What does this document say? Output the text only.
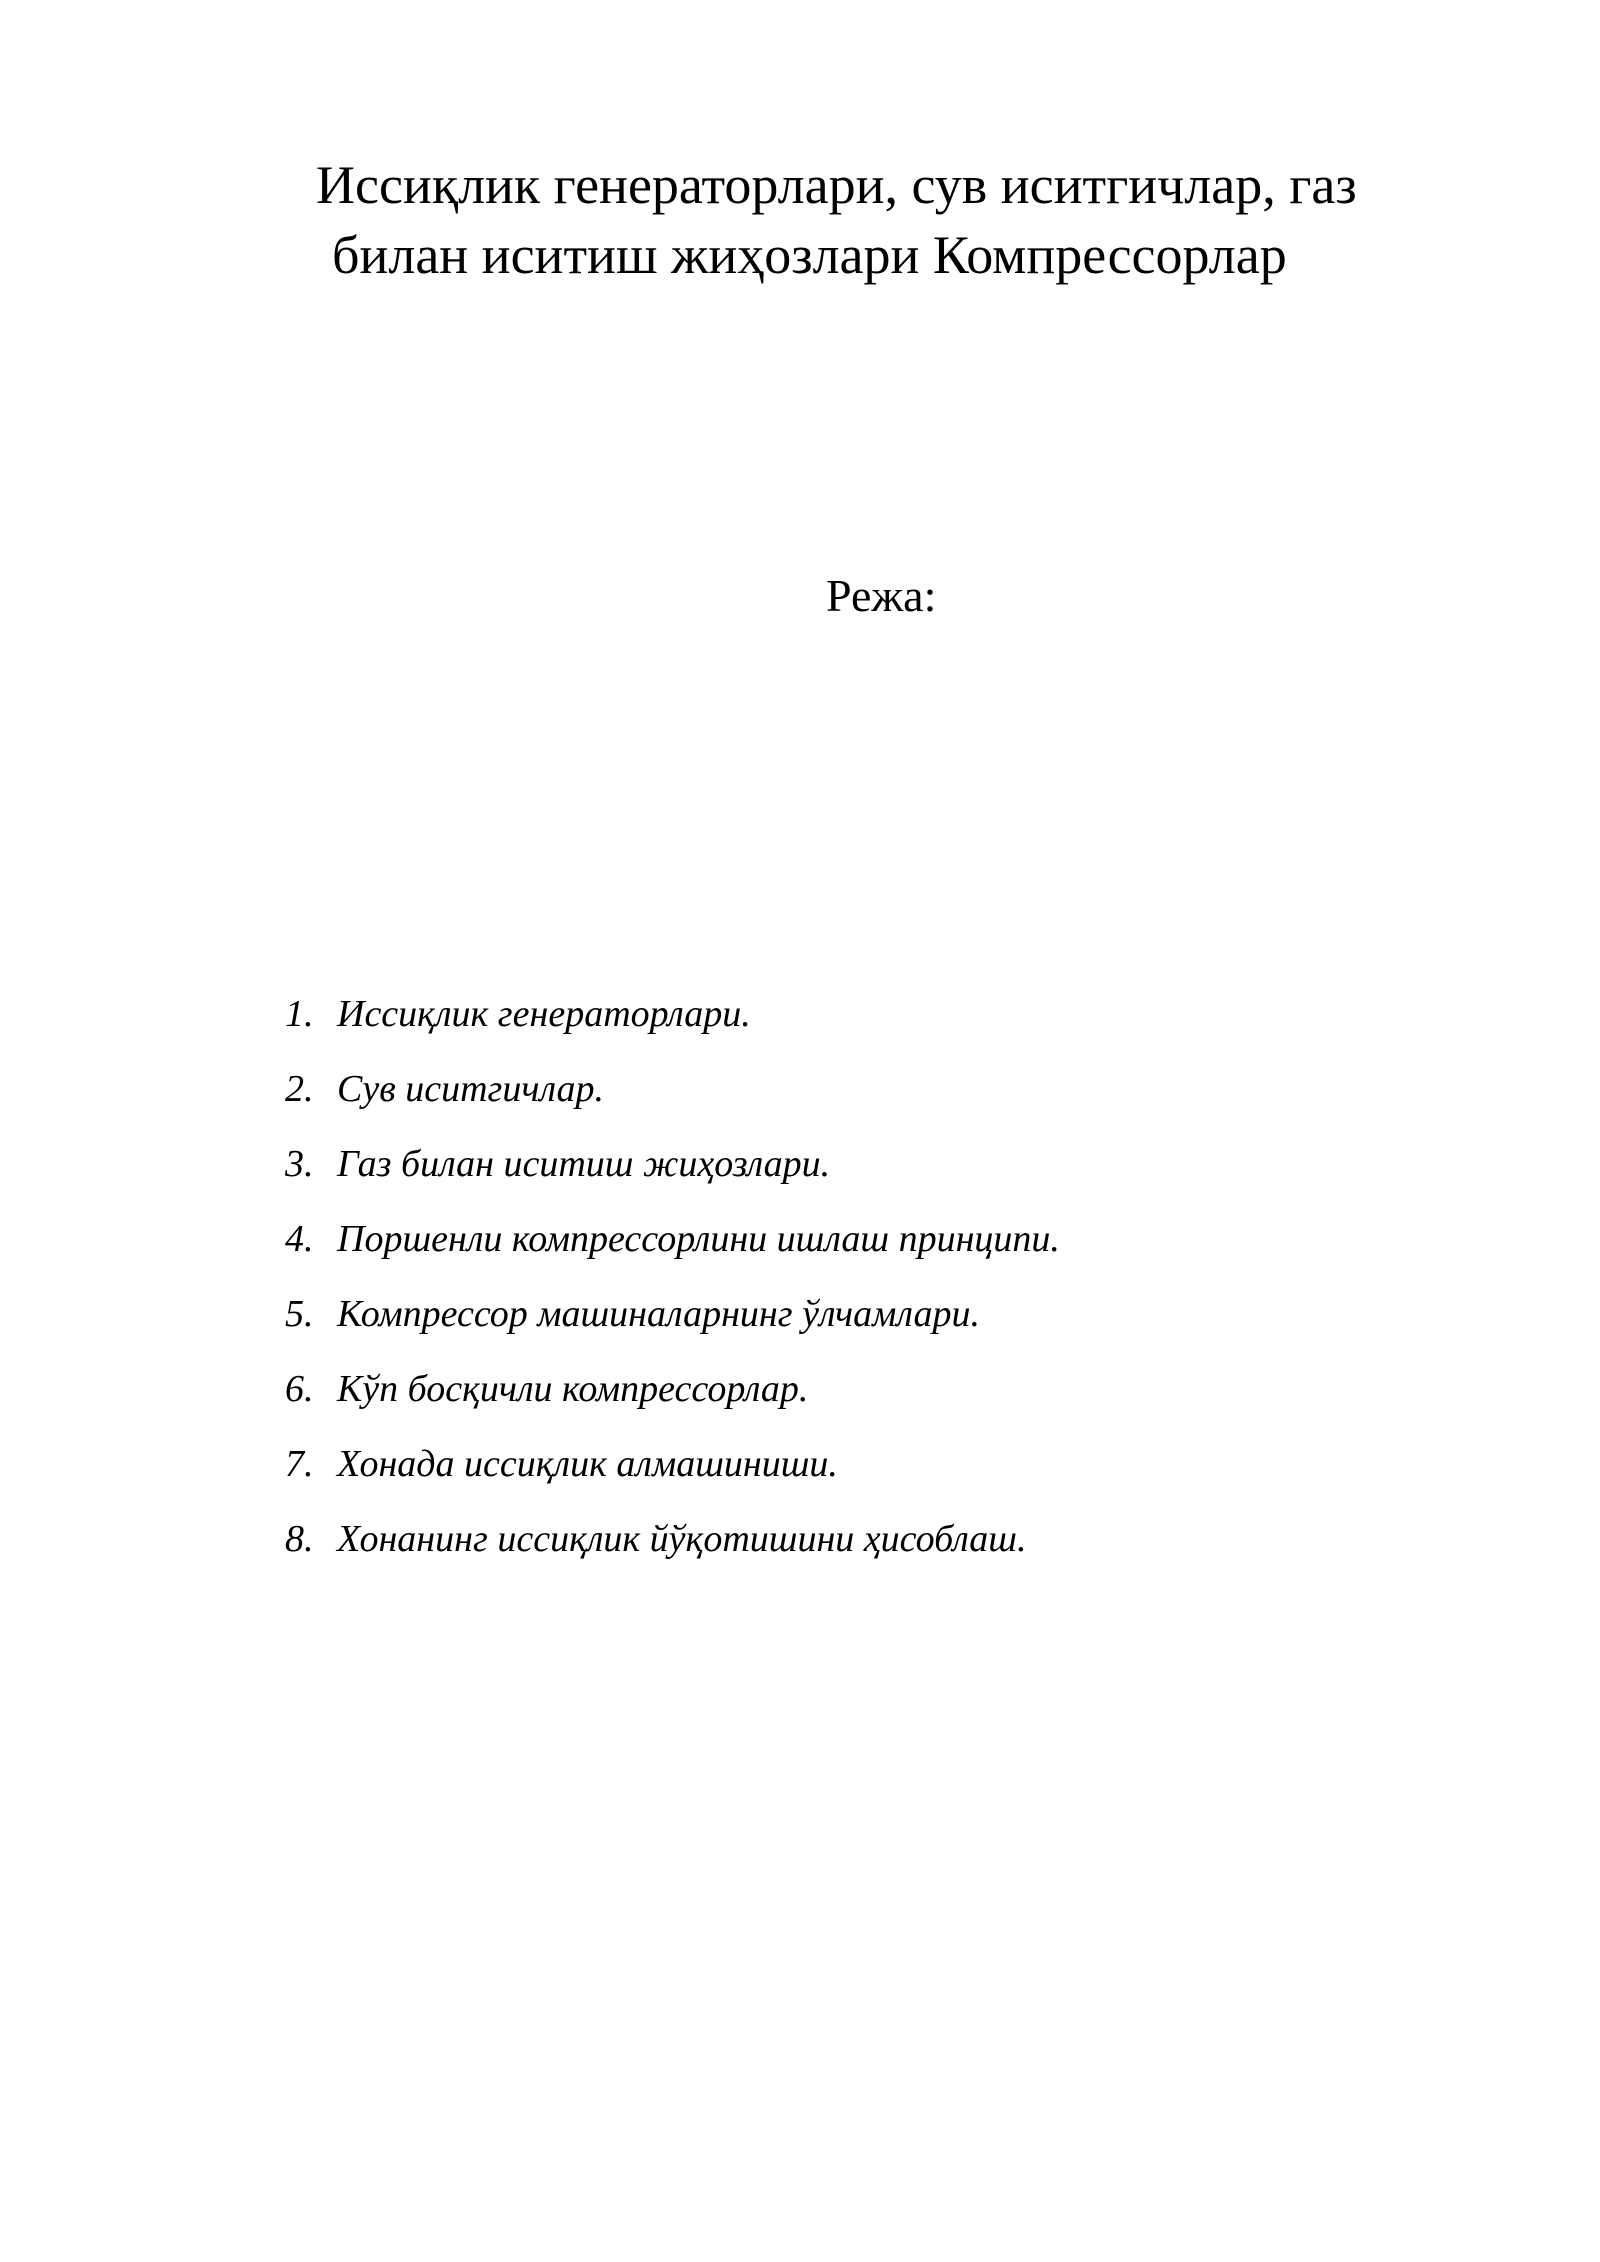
Иссиқлик генераторлари, сув иситгичлар, газ
билан иситиш жиҳозлари Компрессорлар

Режа:

1. Иссиқлик генераторлари.
2. Сув иситгичлар.
3. Газ билан иситиш жиҳозлари.
4. Поршенли компрессорлини ишлаш принципи.
5. Компрессор машиналарнинг ўлчамлари.
6. Кўп босқичли компрессорлар.
7. Хонада иссиқлик алмашиниши.
8. Хонанинг иссиқлик йўқотишини ҳисоблаш.
